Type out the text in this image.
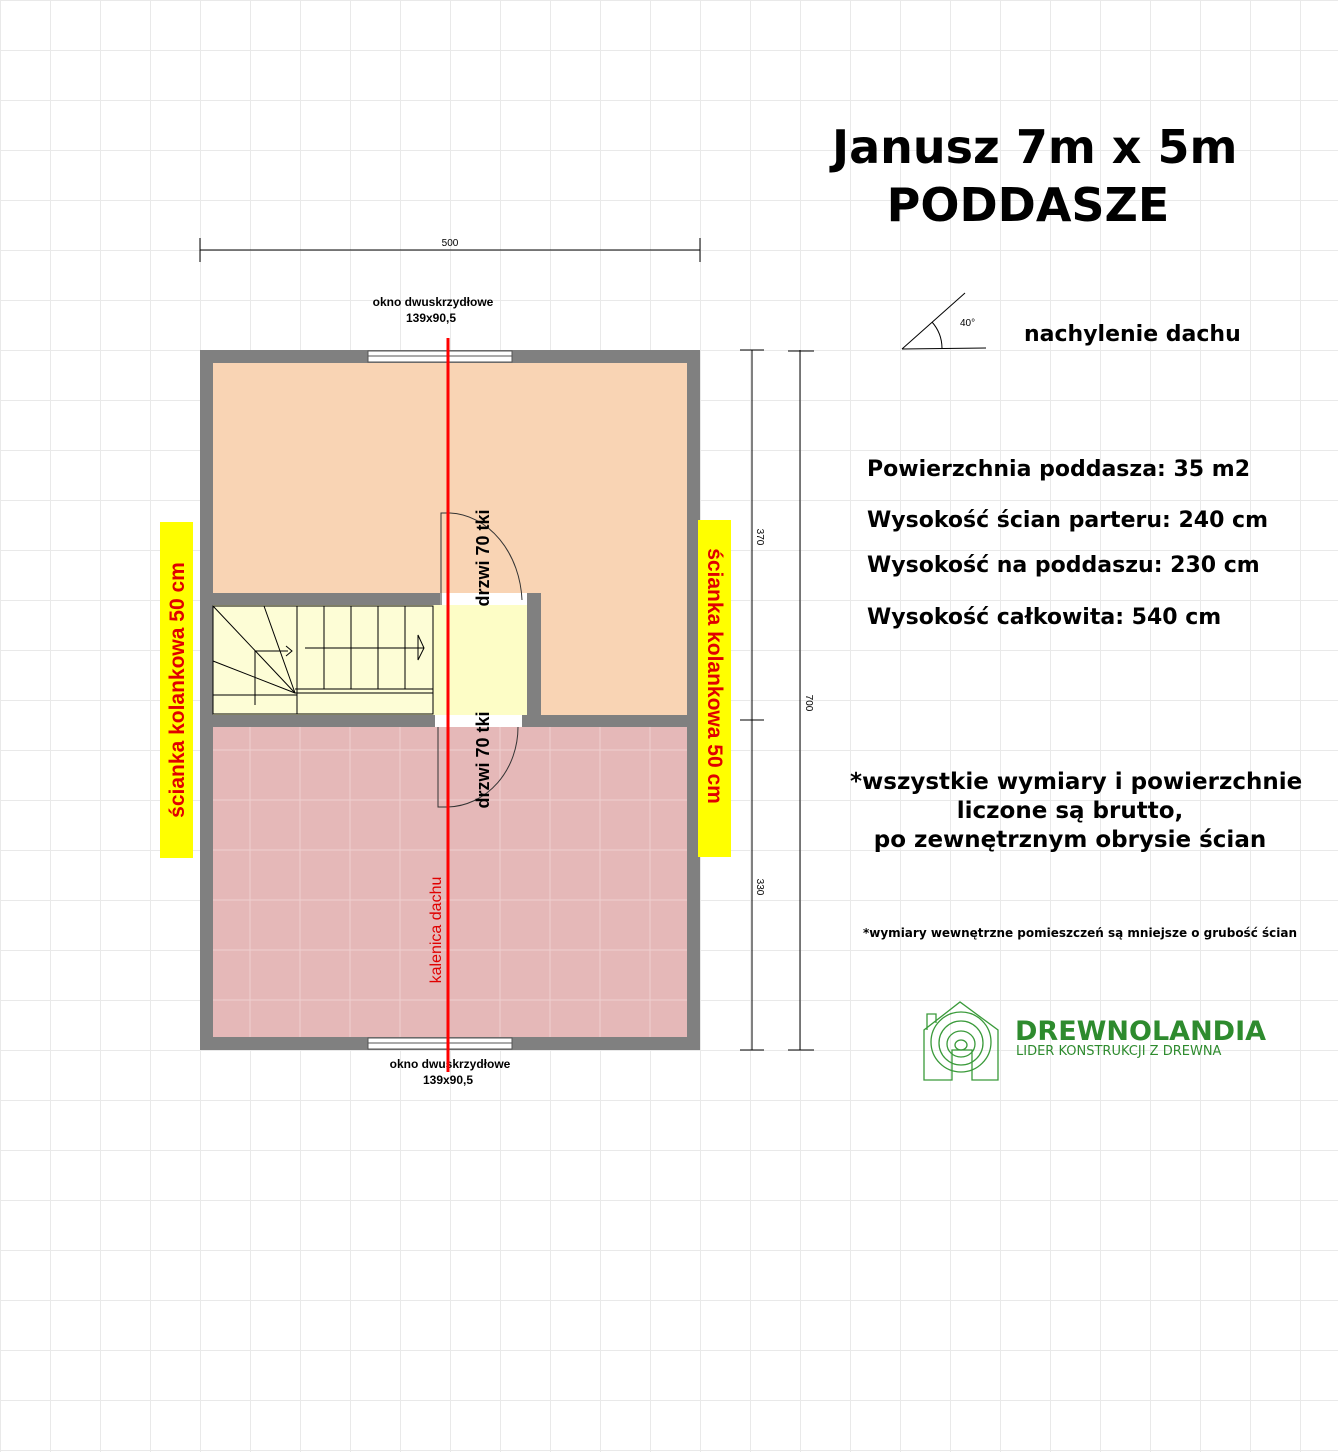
500
370
330
700
okno dwuskrzydłowe
139x90,5
okno dwuskrzydłowe
139x90,5
drzwi 70 tki
drzwi 70 tki
kalenica dachu
ścianka kolankowa 50 cm	ścianka kolankowa 50 cm
40°
Janusz 7m x 5m
PODDASZE
nachylenie dachu
Powierzchnia poddasza: 35 m2
Wysokość ścian parteru: 240 cm
Wysokość na poddaszu: 230 cm
Wysokość całkowita: 540 cm
*wszystkie wymiary i powierzchnie
liczone są brutto,
po zewnętrznym obrysie ścian
*wymiary wewnętrzne pomieszczeń są mniejsze o grubość ścian
DREWNOLANDIA
LIDER KONSTRUKCJI Z DREWNA
